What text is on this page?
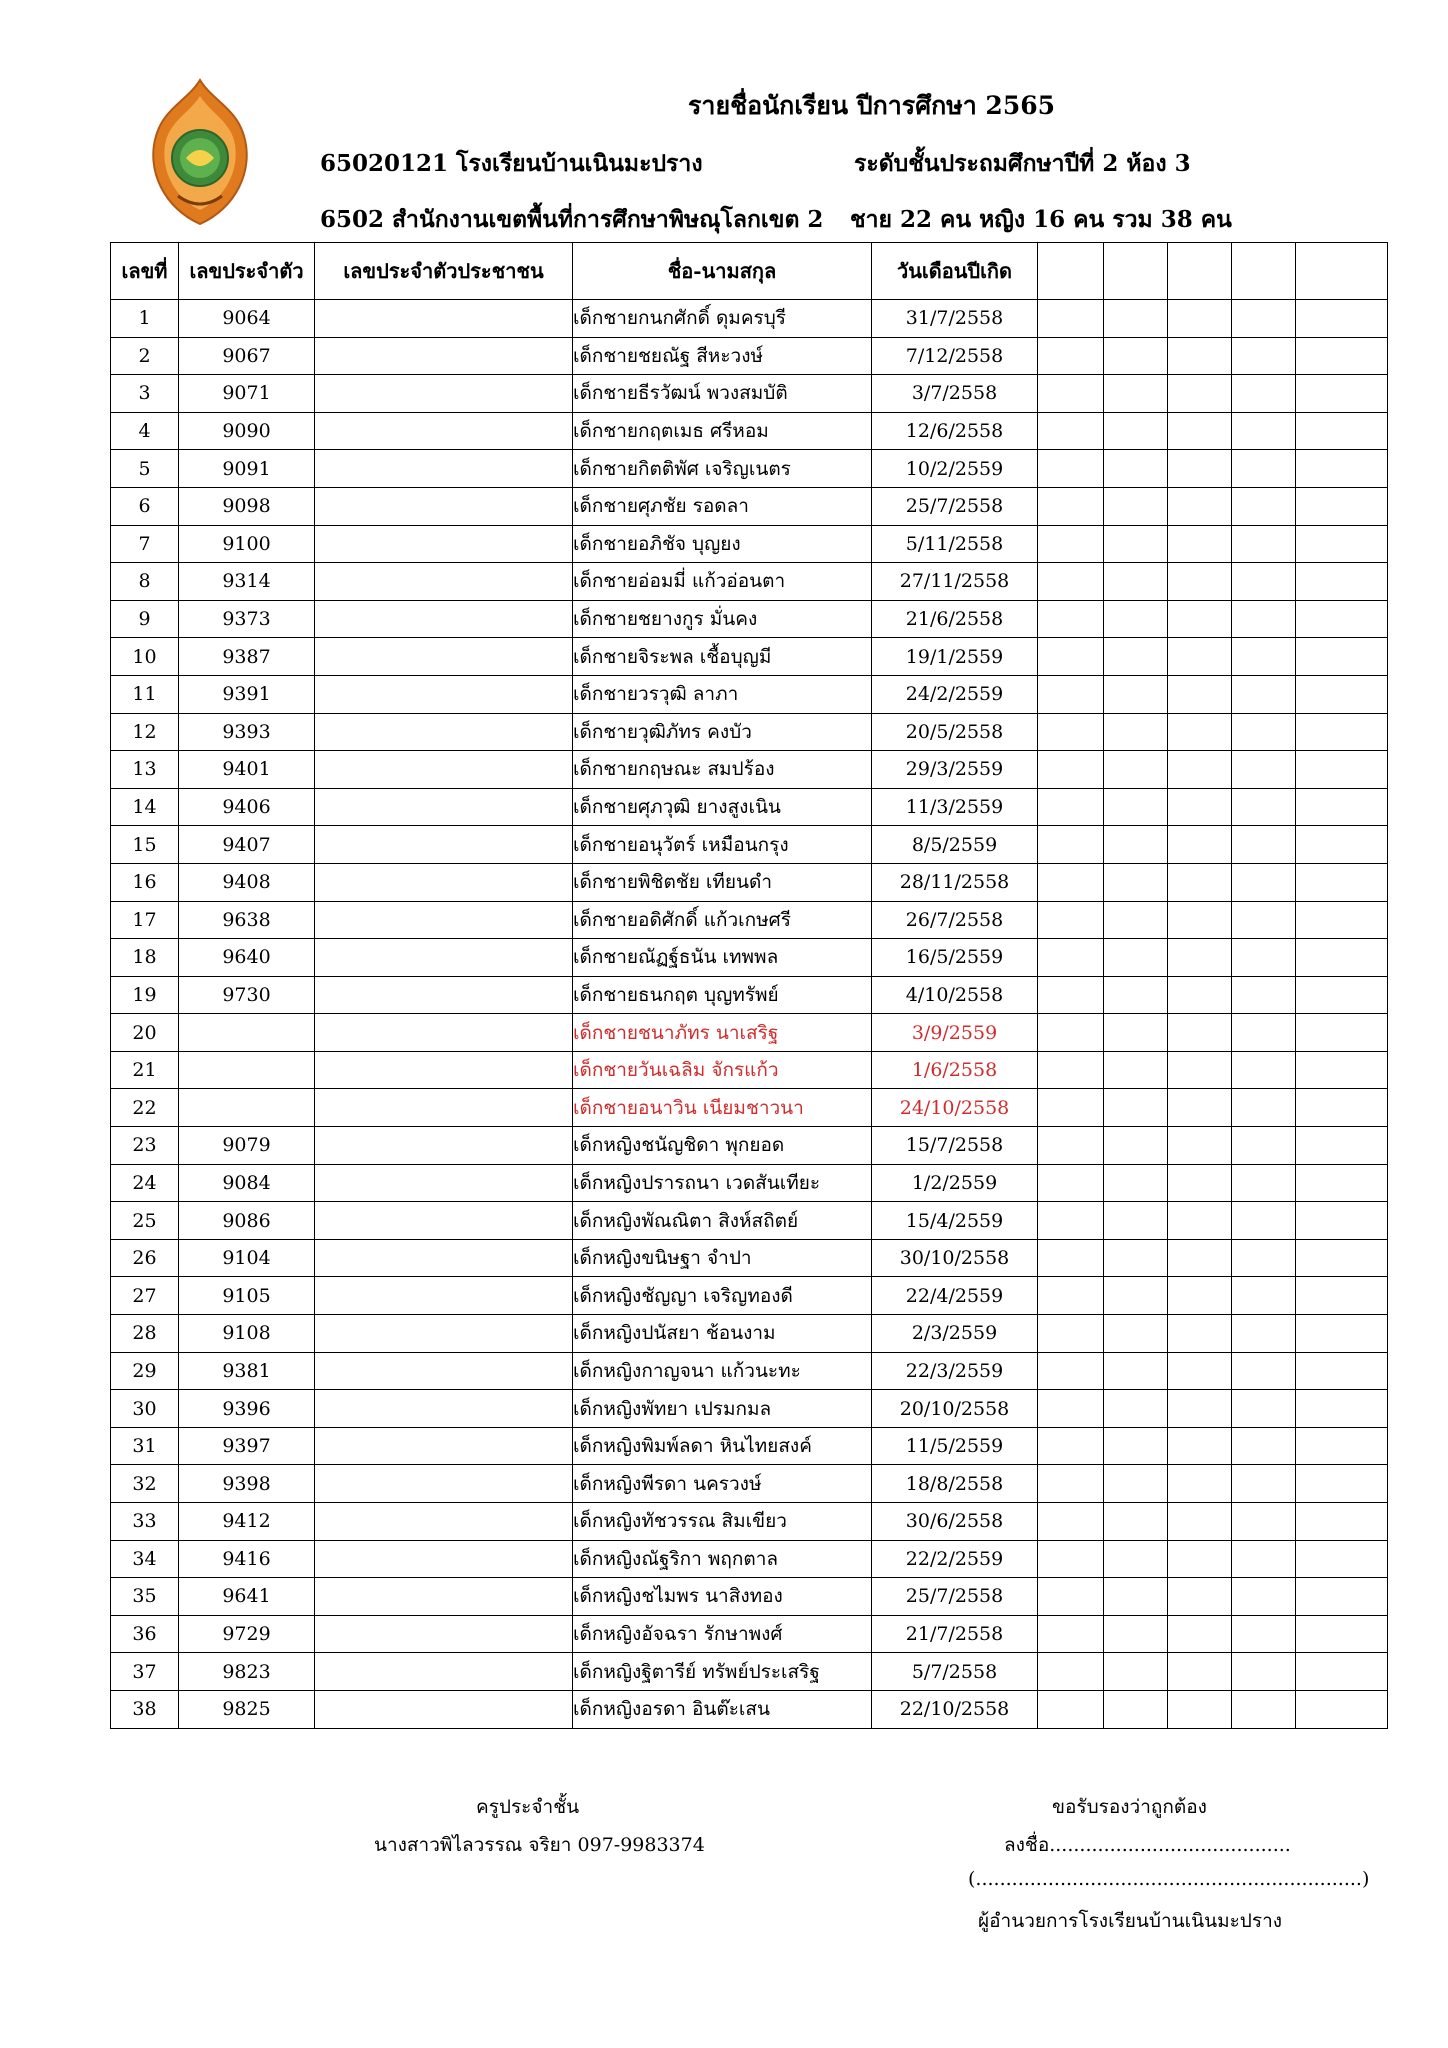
รายชื่อนักเรียน ปีการศึกษา 2565
65020121 โรงเรียนบ้านเนินมะปราง	ระดับชั้นประถมศึกษาปีที่ 2 ห้อง 3
6502 สำนักงานเขตพื้นที่การศึกษาพิษณุโลกเขต 2 ชาย 22 คน หญิง 16 คน รวม 38 คน
เลขที่	เลขประจำตัว	เลขประจำตัวประชาชน	ชื่อ-นามสกุล	วันเดือนปีเกิด					
1	9064		เด็กชายกนกศักดิ์ ดุมครบุรี	31/7/2558					
2	9067		เด็กชายชยณัฐ สีหะวงษ์	7/12/2558					
3	9071		เด็กชายธีรวัฒน์ พวงสมบัติ	3/7/2558					
4	9090		เด็กชายกฤตเมธ ศรีหอม	12/6/2558					
5	9091		เด็กชายกิตติพัศ เจริญเนตร	10/2/2559					
6	9098		เด็กชายศุภชัย รอดลา	25/7/2558					
7	9100		เด็กชายอภิชัจ บุญยง	5/11/2558					
8	9314		เด็กชายอ่อมมี่ แก้วอ่อนตา	27/11/2558					
9	9373		เด็กชายชยางกูร มั่นคง	21/6/2558					
10	9387		เด็กชายจิระพล เชื้อบุญมี	19/1/2559					
11	9391		เด็กชายวรวุฒิ ลาภา	24/2/2559					
12	9393		เด็กชายวุฒิภัทร คงบัว	20/5/2558					
13	9401		เด็กชายกฤษณะ สมปร้อง	29/3/2559					
14	9406		เด็กชายศุภวุฒิ ยางสูงเนิน	11/3/2559					
15	9407		เด็กชายอนุวัตร์ เหมือนกรุง	8/5/2559					
16	9408		เด็กชายพิชิตชัย เทียนดำ	28/11/2558					
17	9638		เด็กชายอดิศักดิ์ แก้วเกษศรี	26/7/2558					
18	9640		เด็กชายณัฏฐ์ธนัน เทพพล	16/5/2559					
19	9730		เด็กชายธนกฤต บุญทรัพย์	4/10/2558					
20			เด็กชายชนาภัทร นาเสริฐ	3/9/2559					
21			เด็กชายวันเฉลิม จักรแก้ว	1/6/2558					
22			เด็กชายอนาวิน เนียมชาวนา	24/10/2558					
23	9079		เด็กหญิงชนัญชิดา พุกยอด	15/7/2558					
24	9084		เด็กหญิงปรารถนา เวดสันเทียะ	1/2/2559					
25	9086		เด็กหญิงพัณณิตา สิงห์สถิตย์	15/4/2559					
26	9104		เด็กหญิงขนิษฐา จำปา	30/10/2558					
27	9105		เด็กหญิงชัญญา เจริญทองดี	22/4/2559					
28	9108		เด็กหญิงปนัสยา ช้อนงาม	2/3/2559					
29	9381		เด็กหญิงกาญจนา แก้วนะทะ	22/3/2559					
30	9396		เด็กหญิงพัทยา เปรมกมล	20/10/2558					
31	9397		เด็กหญิงพิมพ์ลดา หินไทยสงค์	11/5/2559					
32	9398		เด็กหญิงพีรดา นครวงษ์	18/8/2558					
33	9412		เด็กหญิงทัชวรรณ สิมเขียว	30/6/2558					
34	9416		เด็กหญิงณัฐริกา พฤกตาล	22/2/2559					
35	9641		เด็กหญิงชไมพร นาสิงทอง	25/7/2558					
36	9729		เด็กหญิงอัจฉรา รักษาพงศ์	21/7/2558					
37	9823		เด็กหญิงฐิตารีย์ ทรัพย์ประเสริฐ	5/7/2558					
38	9825		เด็กหญิงอรดา อินต๊ะเสน	22/10/2558					
ครูประจำชั้น
นางสาวพิไลวรรณ จริยา 097-9983374
ขอรับรองว่าถูกต้อง
ลงชื่อ........................................
(................................................................)
ผู้อำนวยการโรงเรียนบ้านเนินมะปราง
